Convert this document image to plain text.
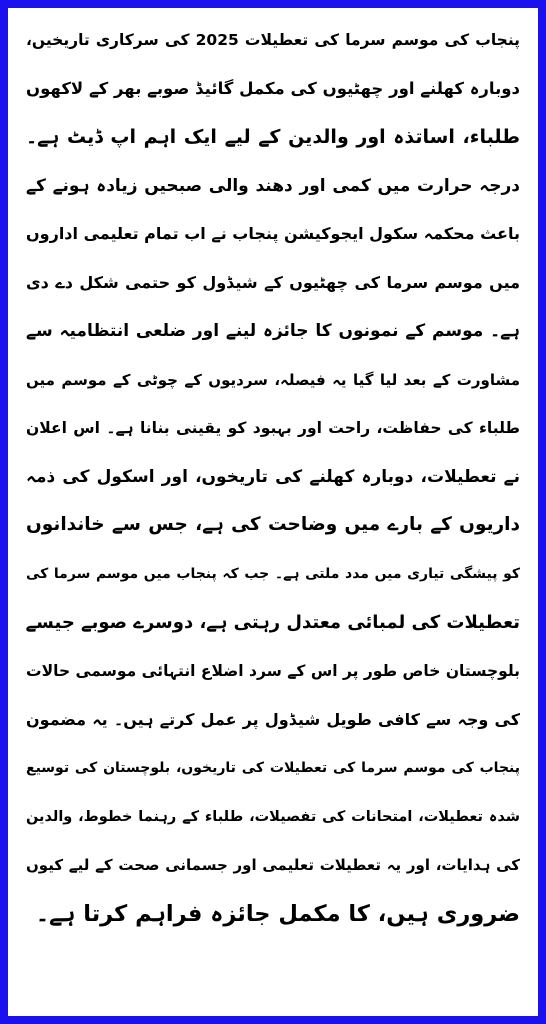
پنجاب کی موسم سرما کی تعطیلات 2025 کی سرکاری تاریخیں،
دوبارہ کھلنے اور چھٹیوں کی مکمل گائیڈ صوبے بھر کے لاکھوں
طلباء، اساتذہ اور والدین کے لیے ایک اہم اپ ڈیٹ ہے۔
درجہ حرارت میں کمی اور دھند والی صبحیں زیادہ ہونے کے
باعث محکمہ سکول ایجوکیشن پنجاب نے اب تمام تعلیمی اداروں
میں موسم سرما کی چھٹیوں کے شیڈول کو حتمی شکل دے دی
ہے۔ موسم کے نمونوں کا جائزہ لینے اور ضلعی انتظامیہ سے
مشاورت کے بعد لیا گیا یہ فیصلہ، سردیوں کے چوٹی کے موسم میں
طلباء کی حفاظت، راحت اور بہبود کو یقینی بنانا ہے۔ اس اعلان
نے تعطیلات، دوبارہ کھلنے کی تاریخوں، اور اسکول کی ذمہ
داریوں کے بارے میں وضاحت کی ہے، جس سے خاندانوں
کو پیشگی تیاری میں مدد ملتی ہے۔ جب کہ پنجاب میں موسم سرما کی
تعطیلات کی لمبائی معتدل رہتی ہے، دوسرے صوبے جیسے
بلوچستان خاص طور پر اس کے سرد اضلاع انتہائی موسمی حالات
کی وجہ سے کافی طویل شیڈول پر عمل کرتے ہیں۔ یہ مضمون
پنجاب کی موسم سرما کی تعطیلات کی تاریخوں، بلوچستان کی توسیع
شدہ تعطیلات، امتحانات کی تفصیلات، طلباء کے رہنما خطوط، والدین
کی ہدایات، اور یہ تعطیلات تعلیمی اور جسمانی صحت کے لیے کیوں
ضروری ہیں، کا مکمل جائزہ فراہم کرتا ہے۔
